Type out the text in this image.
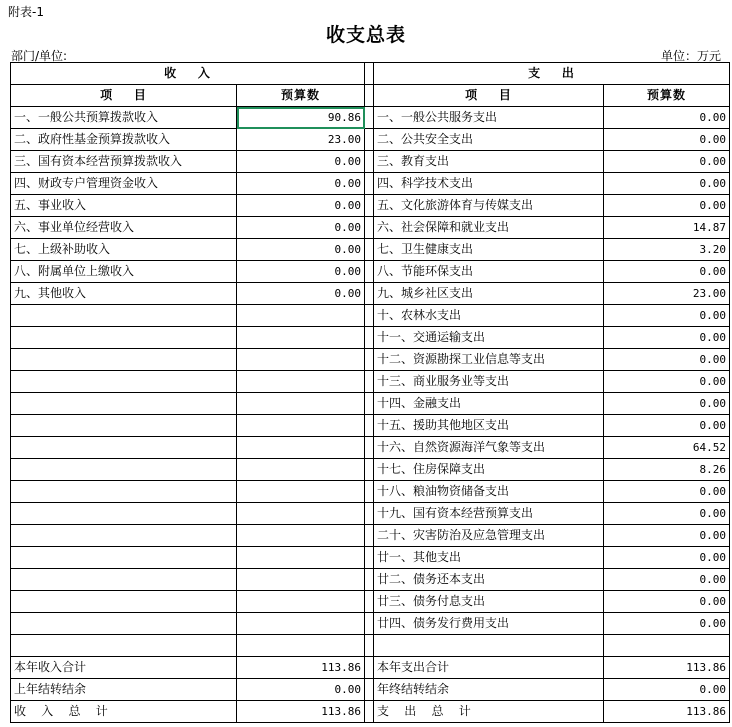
附表-1
收支总表
部门/单位:	单位：万元
收    入			支    出	
项    目	预算数		项    目	预算数
一、一般公共预算拨款收入	90.86		一、一般公共服务支出	0.00
二、政府性基金预算拨款收入	23.00		二、公共安全支出	0.00
三、国有资本经营预算拨款收入	0.00		三、教育支出	0.00
四、财政专户管理资金收入	0.00		四、科学技术支出	0.00
五、事业收入	0.00		五、文化旅游体育与传媒支出	0.00
六、事业单位经营收入	0.00		六、社会保障和就业支出	14.87
七、上级补助收入	0.00		七、卫生健康支出	3.20
八、附属单位上缴收入	0.00		八、节能环保支出	0.00
九、其他收入	0.00		九、城乡社区支出	23.00
			十、农林水支出	0.00
			十一、交通运输支出	0.00
			十二、资源勘探工业信息等支出	0.00
			十三、商业服务业等支出	0.00
			十四、金融支出	0.00
			十五、援助其他地区支出	0.00
			十六、自然资源海洋气象等支出	64.52
			十七、住房保障支出	8.26
			十八、粮油物资储备支出	0.00
			十九、国有资本经营预算支出	0.00
			二十、灾害防治及应急管理支出	0.00
			廿一、其他支出	0.00
			廿二、债务还本支出	0.00
			廿三、债务付息支出	0.00
			廿四、债务发行费用支出	0.00

本年收入合计	113.86		本年支出合计	113.86
上年结转结余	0.00		年终结转结余	0.00
收    入    总    计	113.86		支    出    总    计	113.86
